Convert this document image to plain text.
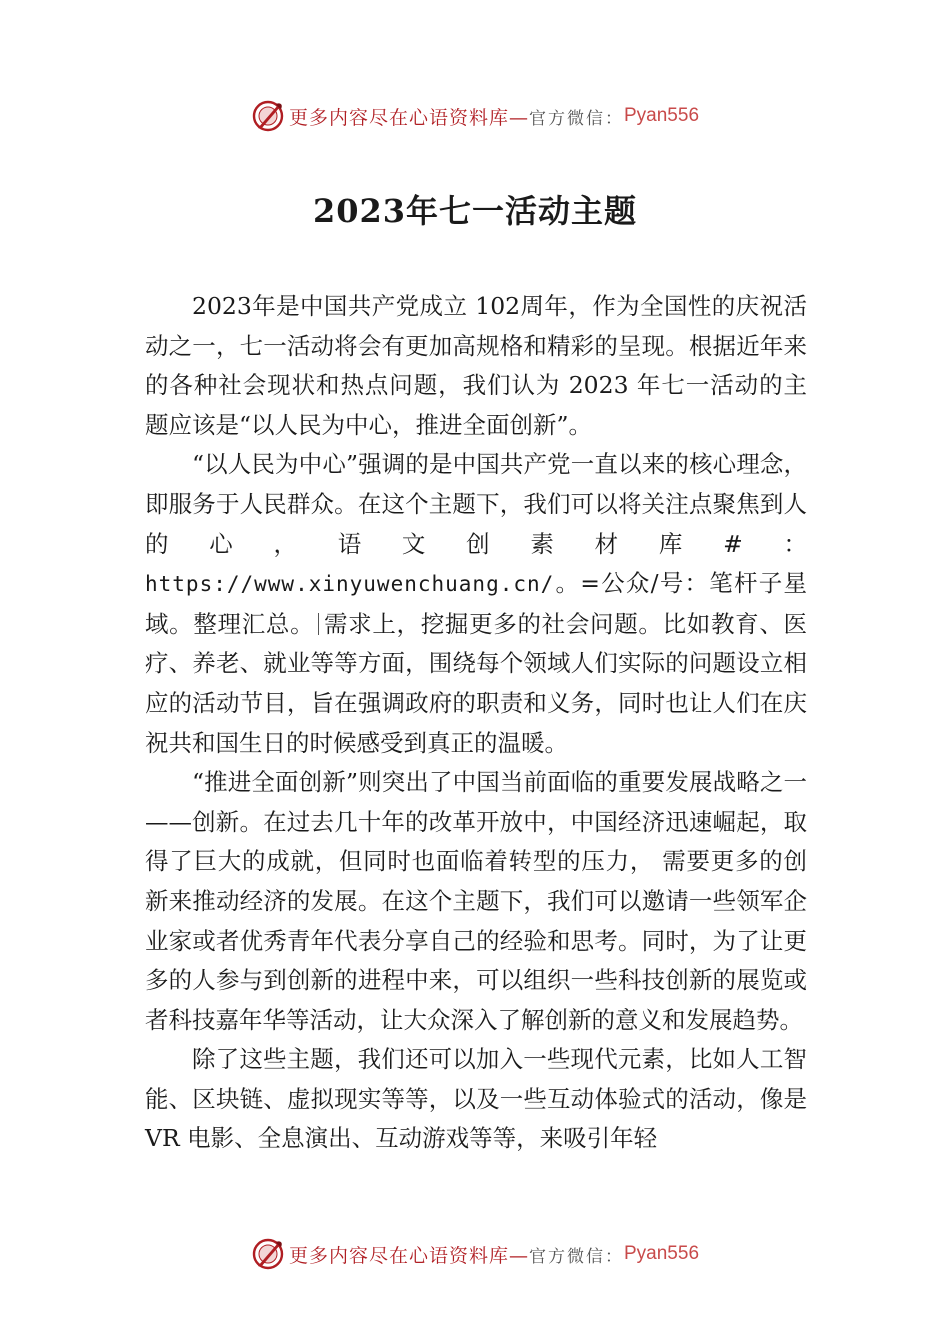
更多内容尽在心语资料库— 官方微信： Pyan556
2023年七一活动主题

2023年是中国共产党成立 102周年，作为全国性的庆祝活动之一，七一活动将会有更加高规格和精彩的呈现。根据近年来的各种社会现状和热点问题，我们认为 2023 年七一活动的主题应该是“以人民为中心，推进全面创新”。

“以人民为中心”强调的是中国共产党一直以来的核心理念，即服务于人民群众。在这个主题下，我们可以将关注点聚焦到人的心，语文创素材库#：https://www.xinyuwenchuang.cn/。=公众/号：笔杆子星域。整理汇总。 需求上，挖掘更多的社会问题。比如教育、医疗、养老、就业等等方面，围绕每个领域人们实际的问题设立相应的活动节目，旨在强调政府的职责和义务，同时也让人们在庆祝共和国生日的时候感受到真正的温暖。

“推进全面创新”则突出了中国当前面临的重要发展战略之一——创新。在过去几十年的改革开放中，中国经济迅速崛起，取得了巨大的成就，但同时也面临着转型的压力， 需要更多的创新来推动经济的发展。在这个主题下，我们可以邀请一些领军企业家或者优秀青年代表分享自己的经验和思考。同时，为了让更多的人参与到创新的进程中来，可以组织一些科技创新的展览或者科技嘉年华等活动，让大众深入了解创新的意义和发展趋势。

除了这些主题，我们还可以加入一些现代元素，比如人工智能、区块链、虚拟现实等等，以及一些互动体验式的活动，像是 VR 电影、全息演出、互动游戏等等，来吸引年轻

更多内容尽在心语资料库— 官方微信： Pyan556
